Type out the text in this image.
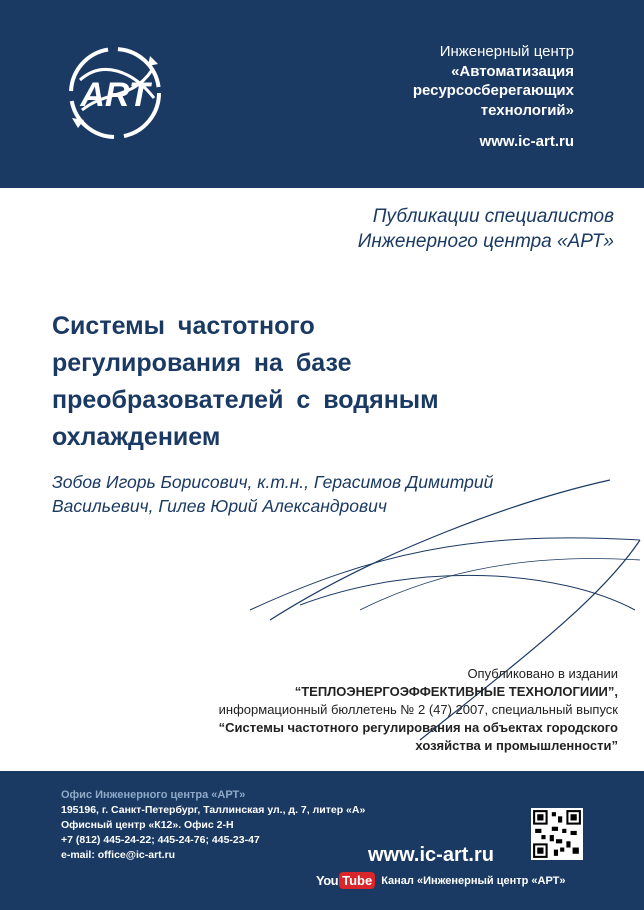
ART
Инженерный центр
«Автоматизация
ресурсосберегающих
технологий»
www.ic-art.ru
Публикации специалистов
Инженерного центра «АРТ»
Системы частотного
регулирования на базе
преобразователей с водяным
охлаждением
Зобов Игорь Борисович, к.т.н., Герасимов Димитрий
Васильевич, Гилев Юрий Александрович
Опубликовано в издании
“ТЕПЛОЭНЕРГОЭФФЕКТИВНЫЕ ТЕХНОЛОГИИИ”,
информационный бюллетень № 2 (47) 2007, специальный выпуск
“Системы частотного регулирования на объектах городского
хозяйства и промышленности”
Офис Инженерного центра «АРТ»
195196, г. Санкт-Петербург, Таллинская ул., д. 7, литер «А»
Офисный центр «К12». Офис 2-Н
+7 (812) 445-24-22; 445-24-76; 445-23-47
e-mail: office@ic-art.ru	www.ic-art.ru
You Tube Канал «Инженерный центр «АРТ»
